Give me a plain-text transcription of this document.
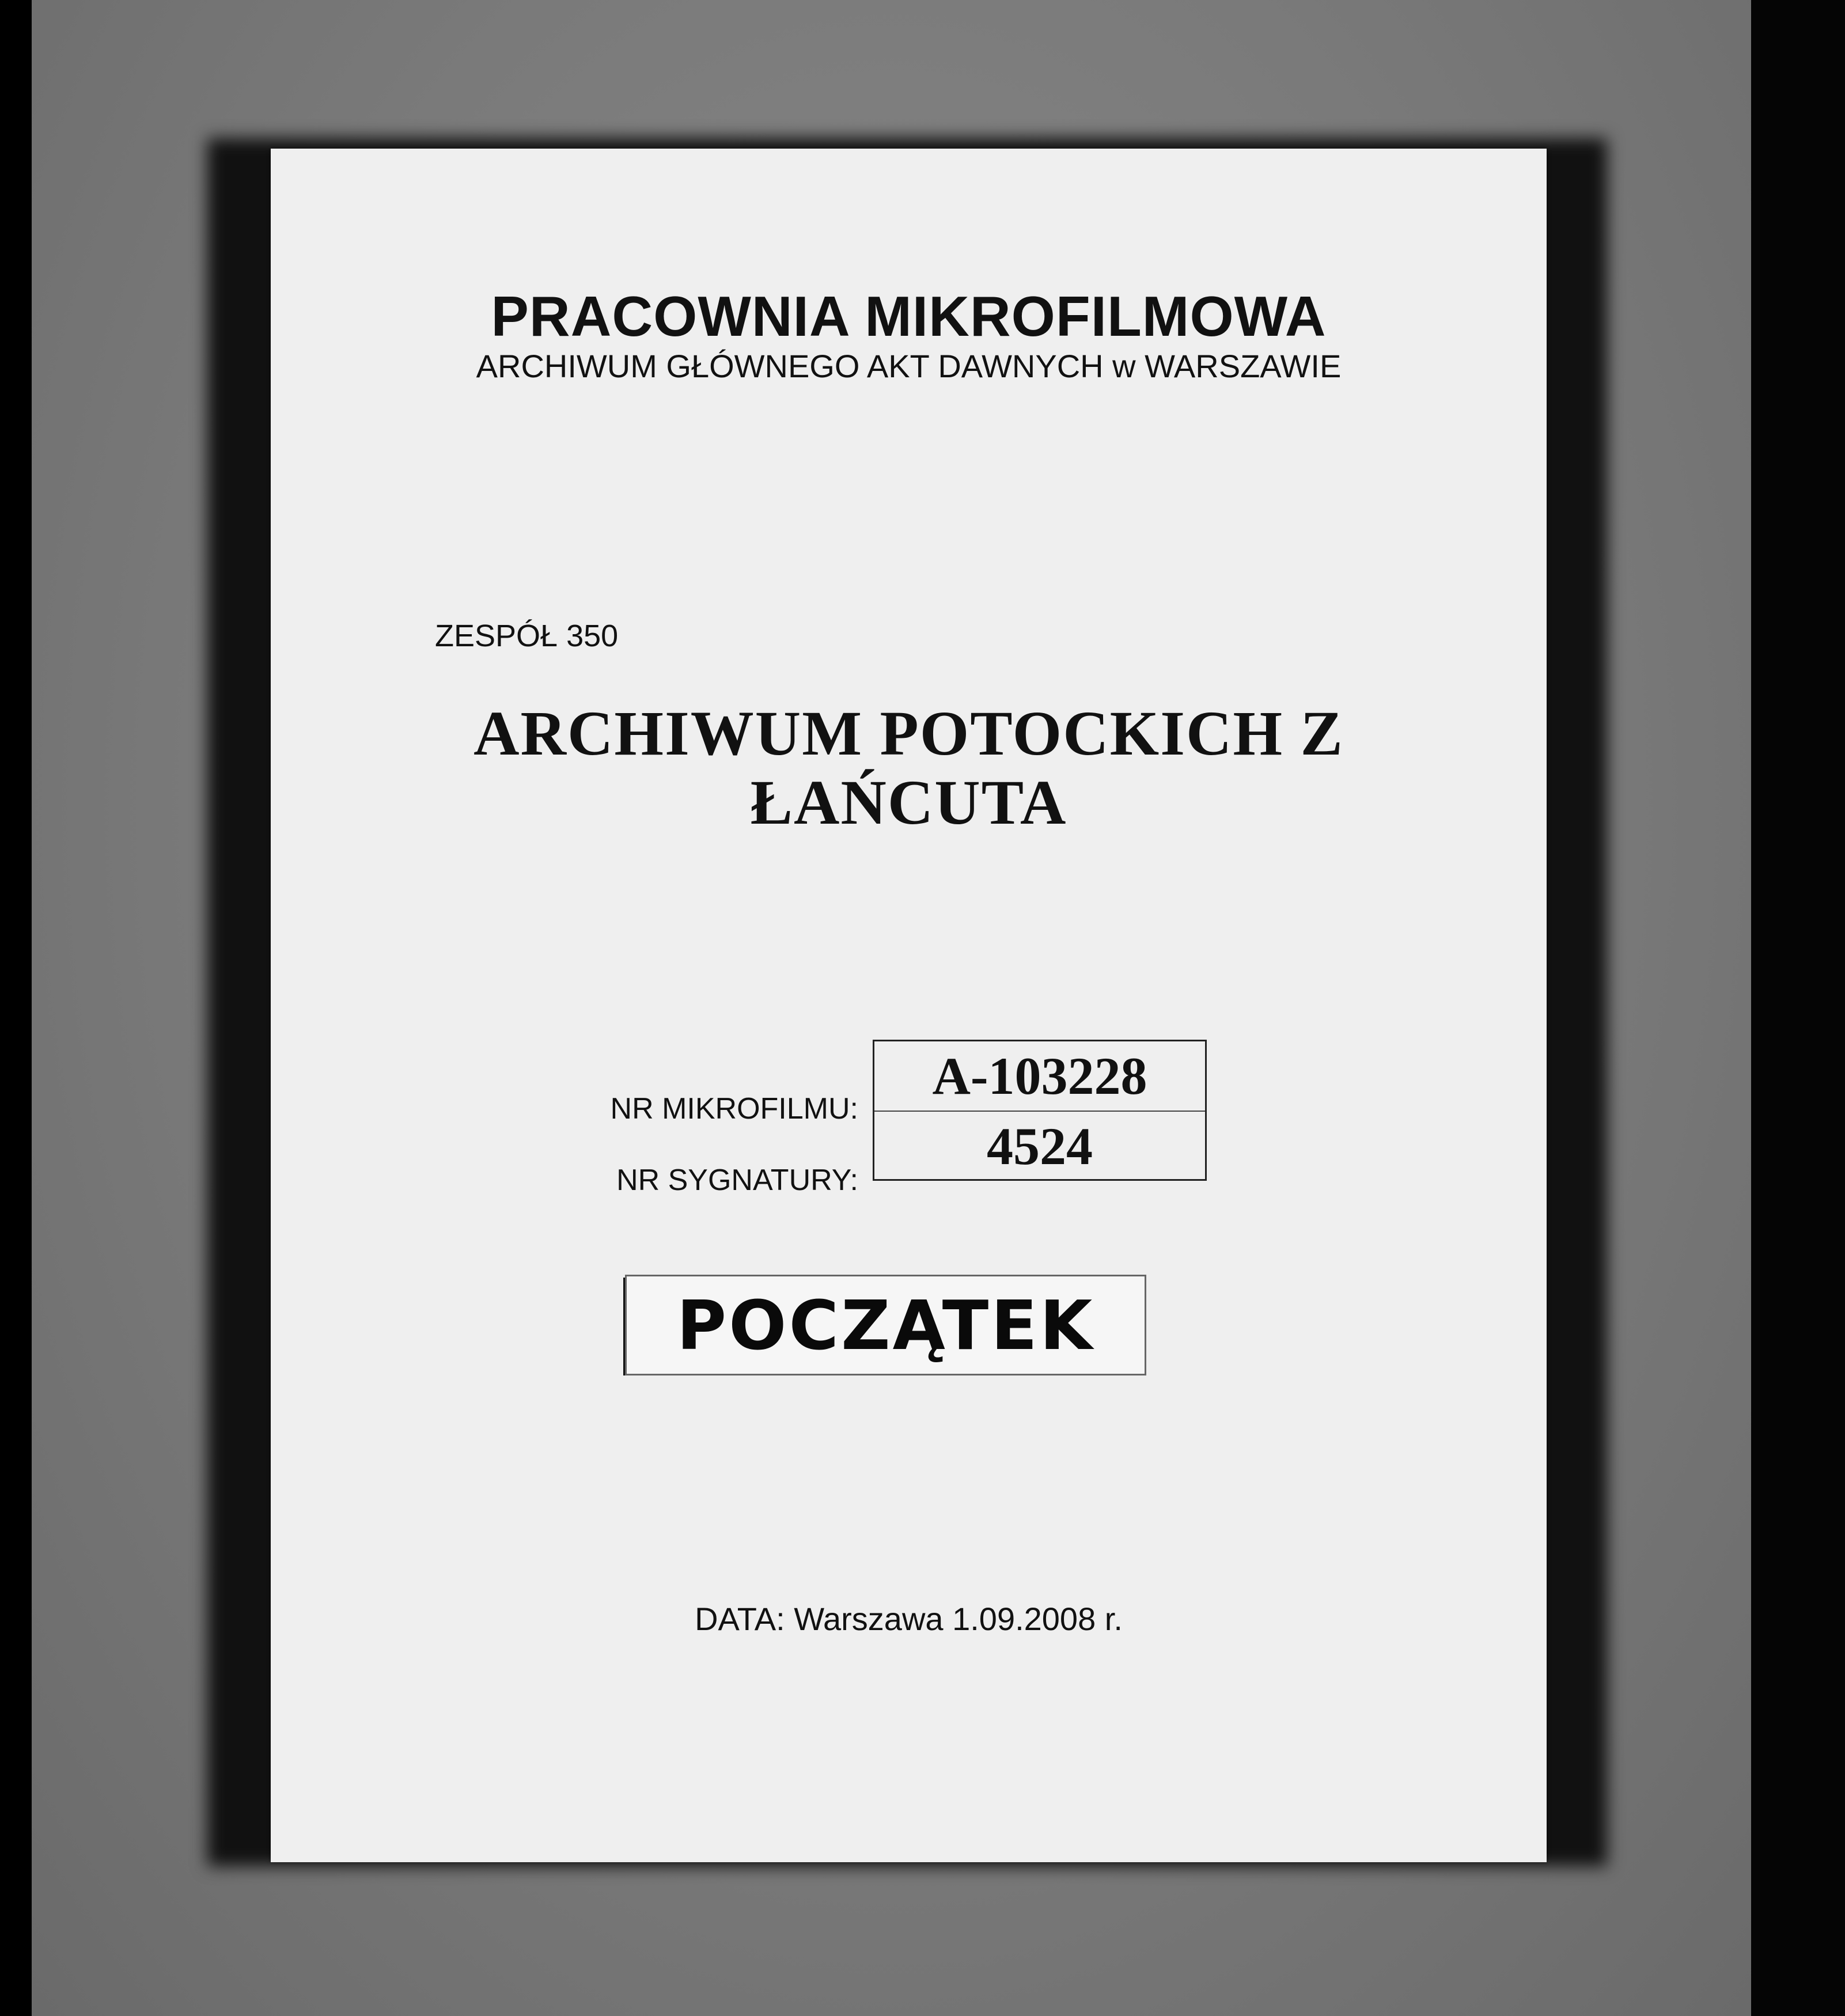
PRACOWNIA MIKROFILMOWA
ARCHIWUM GŁÓWNEGO AKT DAWNYCH w WARSZAWIE
ZESPÓŁ 350
ARCHIWUM POTOCKICH Z
ŁAŃCUTA
NR MIKROFILMU:
NR SYGNATURY:
A-103228
4524
POCZĄTEK
DATA: Warszawa 1.09.2008 r.
